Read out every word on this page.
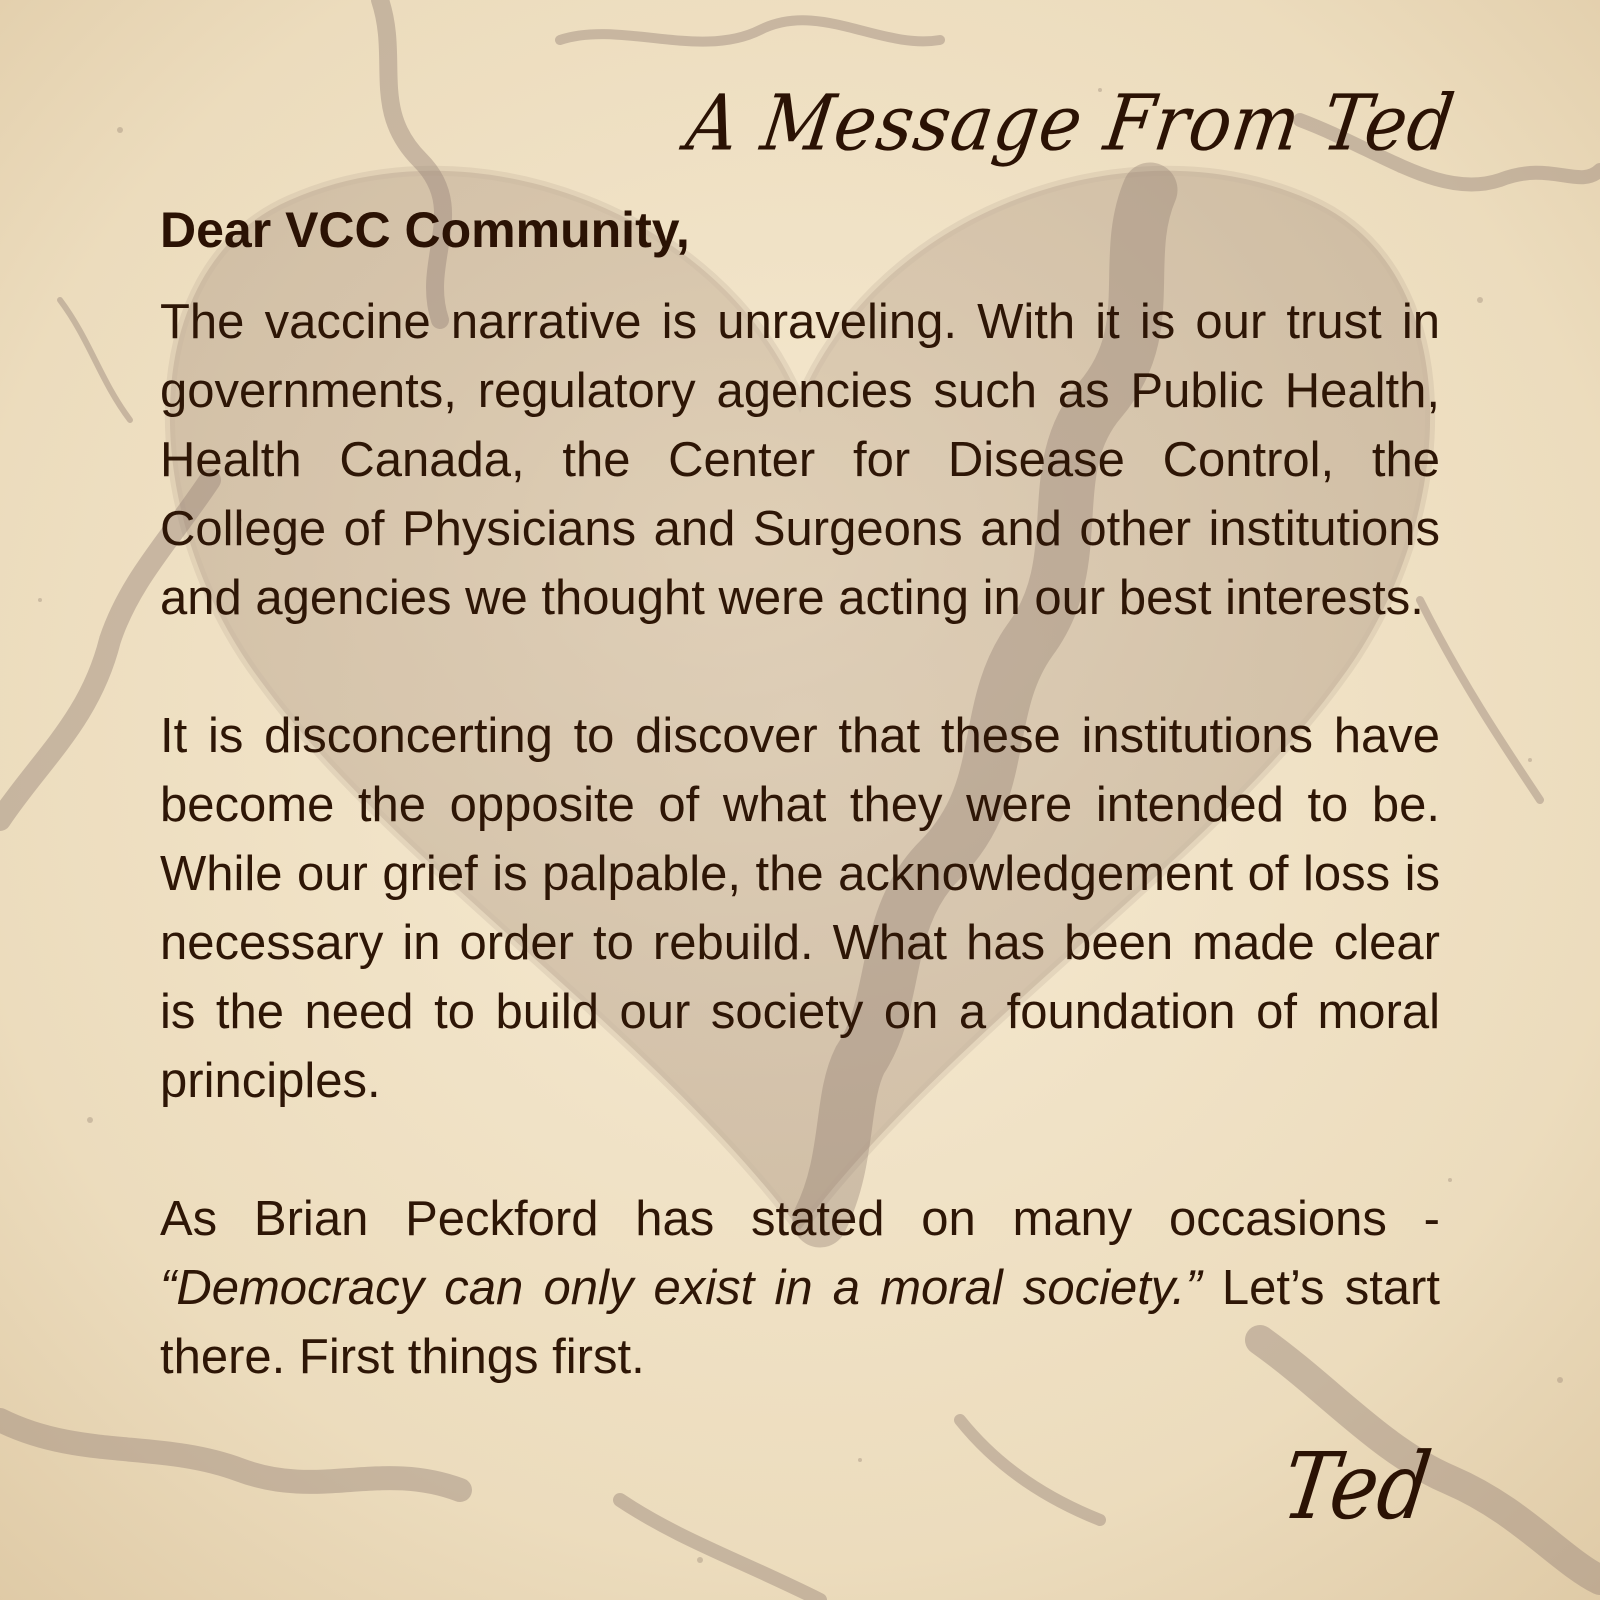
A Message From Ted
Dear VCC Community,

The vaccine narrative is unraveling. With it is our trust in governments, regulatory agencies such as Public Health, Health Canada, the Center for Disease Control, the College of Physicians and Surgeons and other institutions and agencies we thought were acting in our best interests.

It is disconcerting to discover that these institutions have become the opposite of what they were intended to be. While our grief is palpable, the acknowledgement of loss is necessary in order to rebuild. What has been made clear is the need to build our society on a foundation of moral principles.

As Brian Peckford has stated on many occasions - “Democracy can only exist in a moral society.” Let’s start there. First things first.

Ted
